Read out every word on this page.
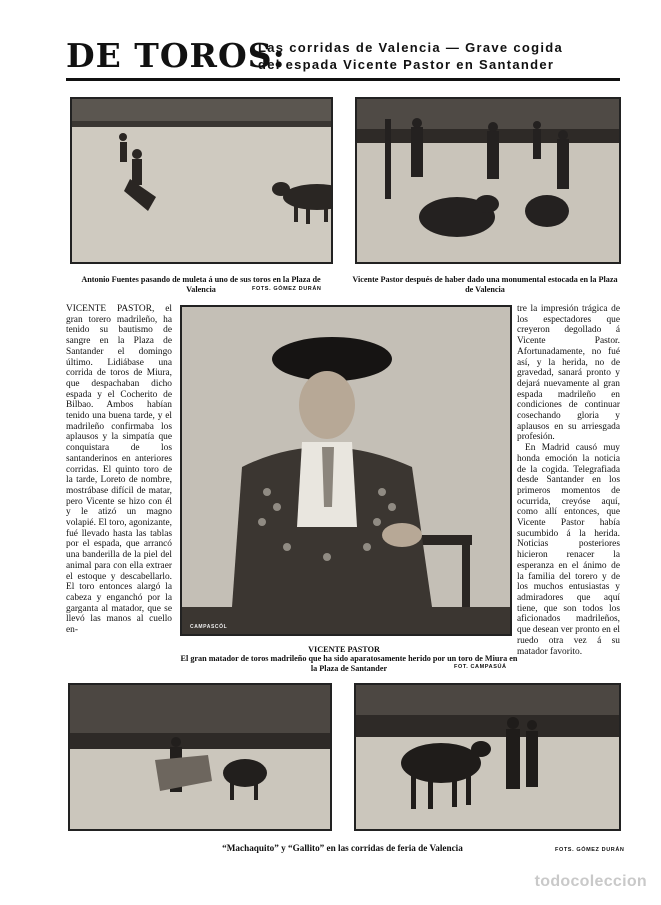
DE TOROS:
Las corridas de Valencia — Grave cogida
del espada Vicente Pastor en Santander
Antonio Fuentes pasando de muleta á uno de sus toros en la Plaza de Valencia	FOTS. GÓMEZ DURÁN
Vicente Pastor después de haber dado una monumental estocada en la Plaza de Valencia

VICENTE PASTOR, el gran torero madrileño, ha tenido su bautismo de sangre en la Plaza de Santander el domingo último. Lidiábase una corrida de toros de Miura, que despachaban dicho espada y el Cocherito de Bilbao. Ambos habían tenido una buena tarde, y el madrileño confirmaba los aplausos y la simpatía que conquistara de los santanderinos en anteriores corridas. El quinto toro de la tarde, Loreto de nombre, mostrábase difícil de matar, pero Vicente se hizo con él y le atizó un magno volapié. El toro, agonizante, fué llevado hasta las tablas por el espada, que arrancó una banderilla de la piel del animal para con ella extraer el estoque y descabellarlo. El toro entonces alargó la cabeza y enganchó por la garganta al matador, que se llevó las manos al cuello en-	CAMPASCÓL
VICENTE PASTOR
El gran matador de toros madrileño que ha sido aparatosamente herido por un toro de Miura en la Plaza de Santander	FOT. CAMPASÚÁ

tre la impresión trágica de los espectadores que creyeron degollado á Vicente Pastor. Afortunadamente, no fué así, y la herida, no de gravedad, sanará pronto y dejará nuevamente al gran espada madrileño en condiciones de continuar cosechando gloria y aplausos en su arriesgada profesión.

En Madrid causó muy honda emoción la noticia de la cogida. Telegrafiada desde Santander en los primeros momentos de ocurrida, creyóse aquí, como allí entonces, que Vicente Pastor había sucumbido á la herida. Noticias posteriores hicieron renacer la esperanza en el ánimo de la familia del torero y de los muchos entusiastas y admiradores que aquí tiene, que son todos los aficionados madrileños, que desean ver pronto en el ruedo otra vez á su matador favorito.

“Machaquito” y “Gallito” en las corridas de feria de Valencia	FOTS. GÓMEZ DURÁN
todocoleccion
